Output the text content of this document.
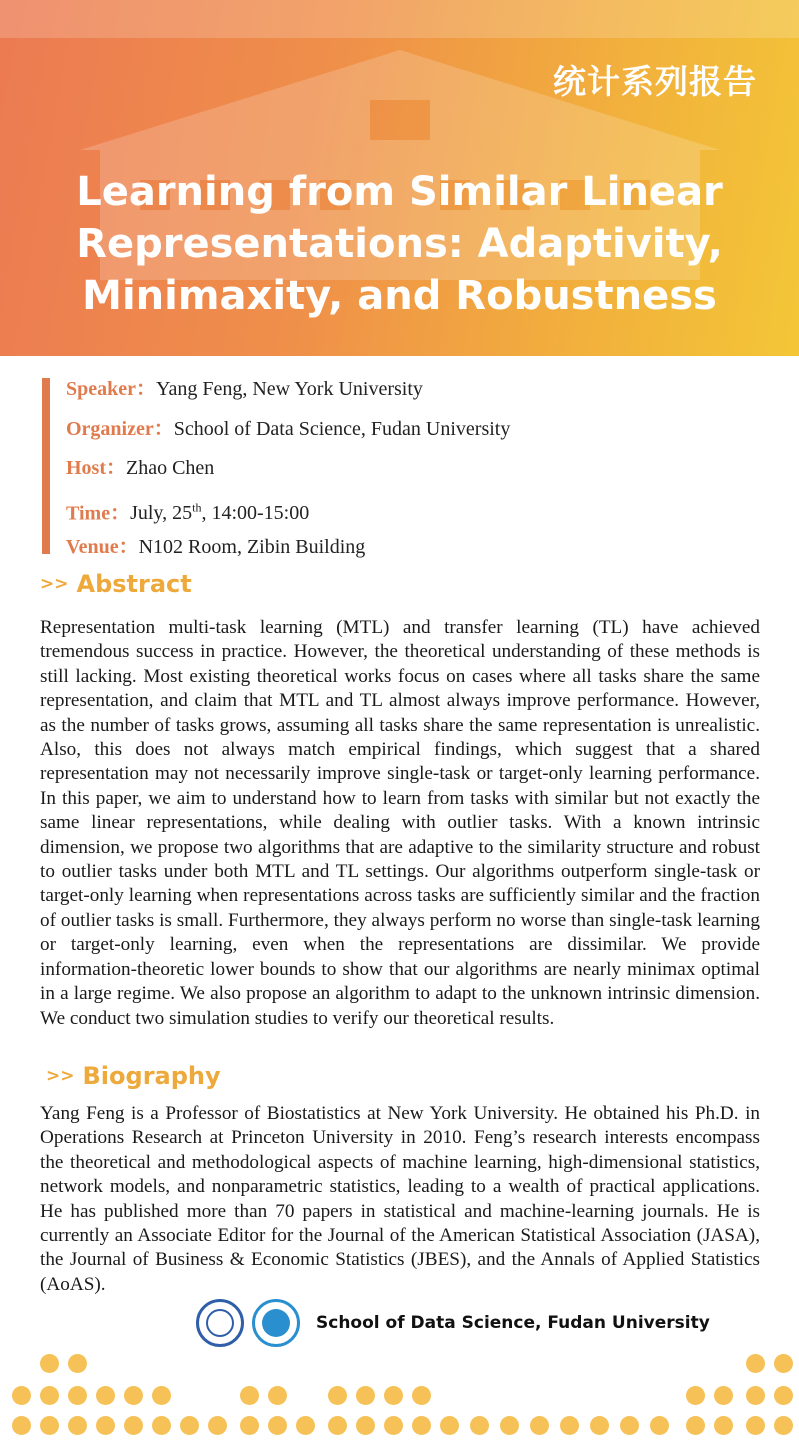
统计系列报告
Learning from Similar Linear
Representations: Adaptivity,
Minimaxity, and Robustness
Speaker：Yang Feng, New York University
Organizer：School of Data Science, Fudan University
Host：Zhao Chen
Time：July, 25th, 14:00-15:00
Venue：N102 Room, Zibin Building
>> Abstract
Representation multi-task learning (MTL) and transfer learning (TL) have achieved tremendous success in practice. However, the theoretical understanding of these methods is still lacking. Most existing theoretical works focus on cases where all tasks share the same representation, and claim that MTL and TL almost always improve performance. However, as the number of tasks grows, assuming all tasks share the same representation is unrealistic. Also, this does not always match empirical findings, which suggest that a shared representation may not necessarily improve single-task or target-only learning performance. In this paper, we aim to understand how to learn from tasks with similar but not exactly the same linear representations, while dealing with outlier tasks. With a known intrinsic dimension, we propose two algorithms that are adaptive to the similarity structure and robust to outlier tasks under both MTL and TL settings. Our algorithms outperform single-task or target-only learning when representations across tasks are sufficiently similar and the fraction of outlier tasks is small. Furthermore, they always perform no worse than single-task learning or target-only learning, even when the representations are dissimilar. We provide information-theoretic lower bounds to show that our algorithms are nearly minimax optimal in a large regime. We also propose an algorithm to adapt to the unknown intrinsic dimension. We conduct two simulation studies to verify our theoretical results.
>> Biography
Yang Feng is a Professor of Biostatistics at New York University. He obtained his Ph.D. in Operations Research at Princeton University in 2010. Feng’s research interests encompass the theoretical and methodological aspects of machine learning, high-dimensional statistics, network models, and nonparametric statistics, leading to a wealth of practical applications. He has published more than 70 papers in statistical and machine-learning journals. He is currently an Associate Editor for the Journal of the American Statistical Association (JASA), the Journal of Business & Economic Statistics (JBES), and the Annals of Applied Statistics (AoAS).
School of Data Science, Fudan University
